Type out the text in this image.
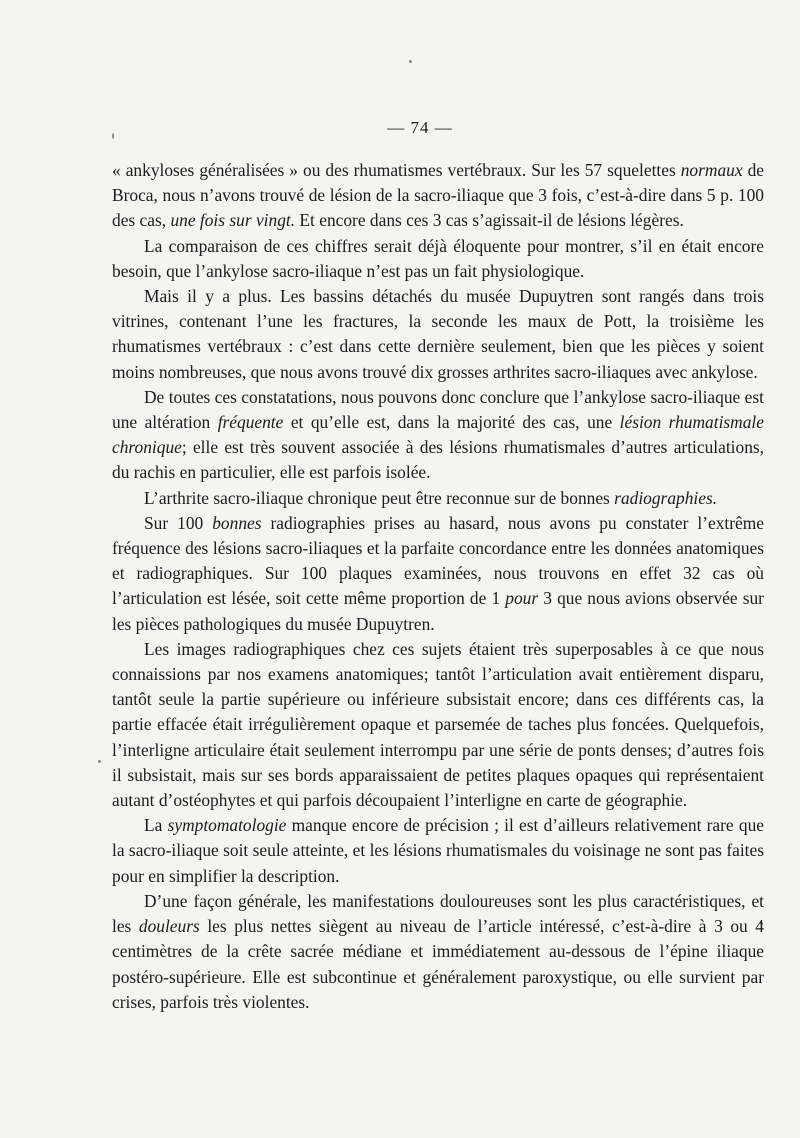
— 74 —

« ankyloses généralisées » ou des rhumatismes vertébraux. Sur les 57 squelettes normaux de Broca, nous n’avons trouvé de lésion de la sacro-iliaque que 3 fois, c’est-à-dire dans 5 p. 100 des cas, une fois sur vingt. Et encore dans ces 3 cas s’agissait-il de lésions légères.

La comparaison de ces chiffres serait déjà éloquente pour montrer, s’il en était encore besoin, que l’ankylose sacro-iliaque n’est pas un fait physiologique.

Mais il y a plus. Les bassins détachés du musée Dupuytren sont rangés dans trois vitrines, contenant l’une les fractures, la seconde les maux de Pott, la troisième les rhumatismes vertébraux : c’est dans cette dernière seulement, bien que les pièces y soient moins nombreuses, que nous avons trouvé dix grosses arthrites sacro-iliaques avec ankylose.

De toutes ces constatations, nous pouvons donc conclure que l’ankylose sacro-iliaque est une altération fréquente et qu’elle est, dans la majorité des cas, une lésion rhumatismale chronique; elle est très souvent associée à des lésions rhumatismales d’autres articulations, du rachis en particulier, elle est parfois isolée.

L’arthrite sacro-iliaque chronique peut être reconnue sur de bonnes radiographies.

Sur 100 bonnes radiographies prises au hasard, nous avons pu constater l’extrême fréquence des lésions sacro-iliaques et la parfaite concordance entre les données anatomiques et radiographiques. Sur 100 plaques examinées, nous trouvons en effet 32 cas où l’articulation est lésée, soit cette même proportion de 1 pour 3 que nous avions observée sur les pièces pathologiques du musée Dupuytren.

Les images radiographiques chez ces sujets étaient très superposables à ce que nous connaissions par nos examens anatomiques; tantôt l’articulation avait entièrement disparu, tantôt seule la partie supérieure ou inférieure subsistait encore; dans ces différents cas, la partie effacée était irrégulièrement opaque et parsemée de taches plus foncées. Quelquefois, l’interligne articulaire était seulement interrompu par une série de ponts denses; d’autres fois il subsistait, mais sur ses bords apparaissaient de petites plaques opaques qui représentaient autant d’ostéophytes et qui parfois découpaient l’interligne en carte de géographie.

La symptomatologie manque encore de précision ; il est d’ailleurs relativement rare que la sacro-iliaque soit seule atteinte, et les lésions rhumatismales du voisinage ne sont pas faites pour en simplifier la description.

D’une façon générale, les manifestations douloureuses sont les plus caractéristiques, et les douleurs les plus nettes siègent au niveau de l’article intéressé, c’est-à-dire à 3 ou 4 centimètres de la crête sacrée médiane et immédiatement au-dessous de l’épine iliaque postéro-supérieure. Elle est subcontinue et généralement paroxystique, ou elle survient par crises, parfois très violentes.
